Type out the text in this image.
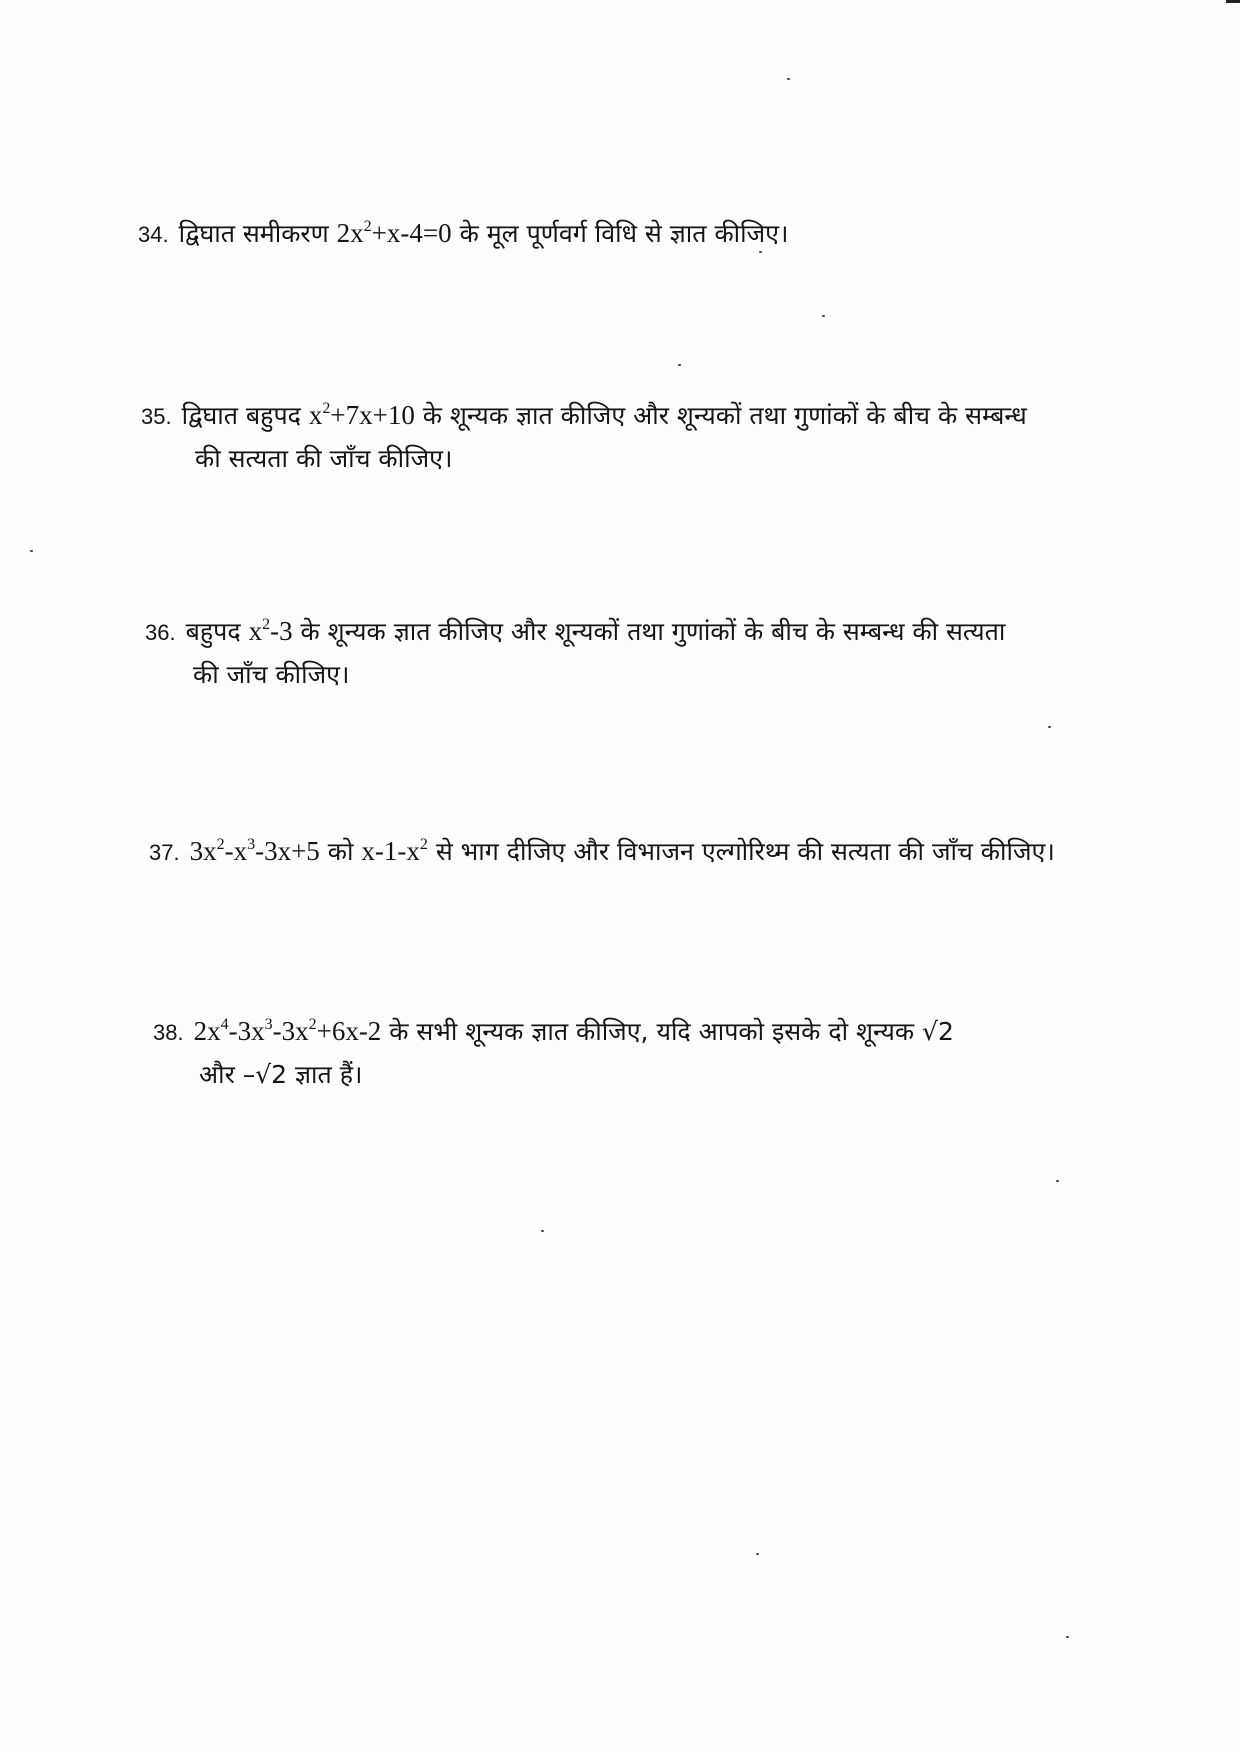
34. द्विघात समीकरण $2x^2+x-4=0$ के मूल पूर्णवर्ग विधि से ज्ञात कीजिए।
35. द्विघात बहुपद $x^2+7x+10$ के शून्यक ज्ञात कीजिए और शून्यकों तथा गुणांकों के बीच के सम्बन्ध
की सत्यता की जाँच कीजिए।
36. बहुपद $x^2-3$ के शून्यक ज्ञात कीजिए और शून्यकों तथा गुणांकों के बीच के सम्बन्ध की सत्यता
की जाँच कीजिए।
37. $3x^2-x^3-3x+5$ को $x-1-x^2$ से भाग दीजिए और विभाजन एल्गोरिथ्म की सत्यता की जाँच कीजिए।
38. $2x^4-3x^3-3x^2+6x-2$ के सभी शून्यक ज्ञात कीजिए, यदि आपको इसके दो शून्यक √2
और –√2 ज्ञात हैं।
